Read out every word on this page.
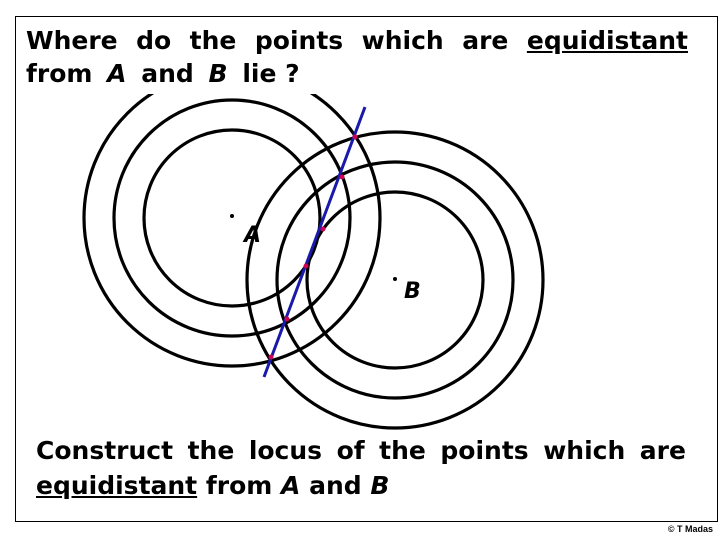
Where do the points which are equidistant
from A and B lie ?
A
B
Construct the locus of the points which are
equidistant from A and B
© T Madas
